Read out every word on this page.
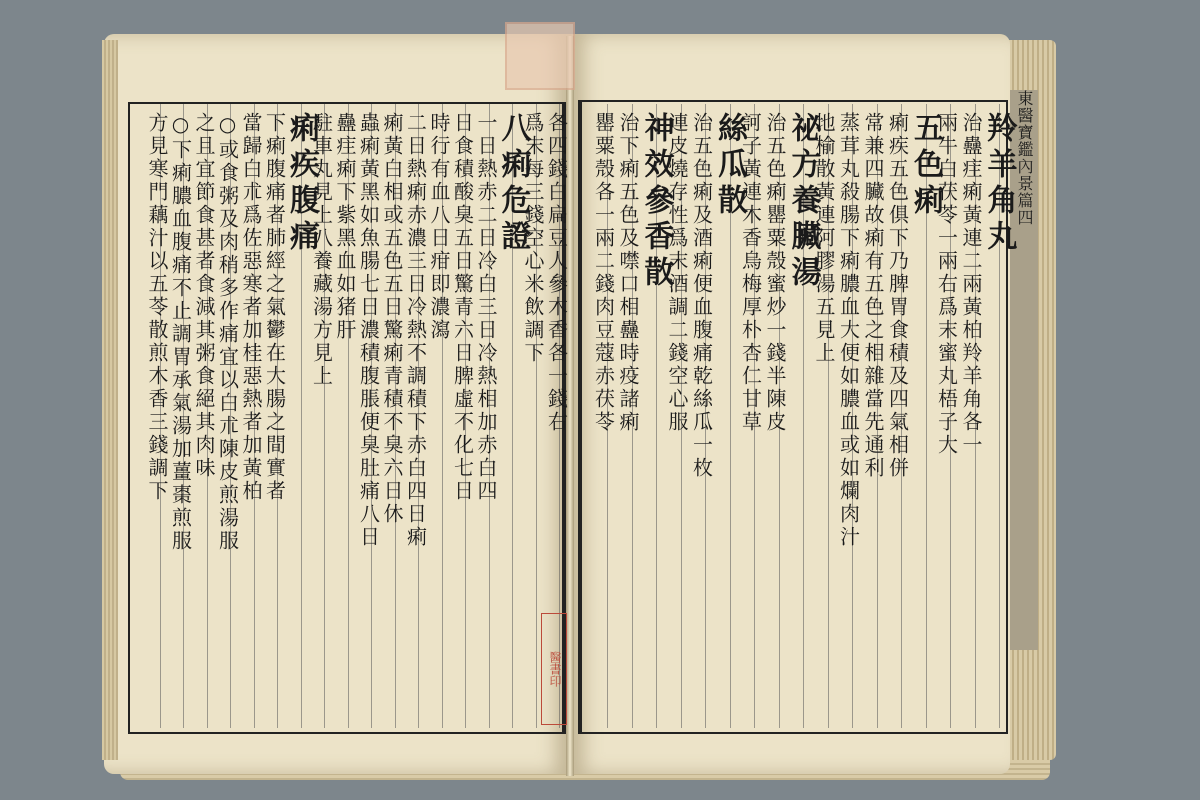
東醫寶鑑內景篇四
各四錢白扁豆人參木香各一錢右
爲末每三錢空心米飲調下
八痢危證
一日熱赤二日冷白三日冷熱相加赤白四
日食積酸臭五日驚青六日脾虛不化七日
時行有血八日疳即濃瀉
二日熱痢赤濃三日冷熱不調積下赤白四日痢
痢黃白相或五色五日驚痢青積不臭六日休
蟲痢黃黑如魚腸七日濃積腹脹便臭肚痛八日
蠱疰痢下紫黑血如猪肝
駐車丸見上八養藏湯方見上
痢疾腹痛
下痢腹痛者肺經之氣鬱在大腸之間實者
當歸白朮爲佐惡寒者加桂惡熱者加黃柏
○或食粥及肉稍多作痛宜以白朮陳皮煎湯服
之且宜節食甚者食減其粥食絕其肉味
○下痢膿血腹痛不止調胃承氣湯加薑棗煎服
方見寒門藕汁以五苓散煎木香三錢調下	羚羊角丸
治蠱疰痢黃連二兩黃柏羚羊角各一
兩牛白茯苓一兩右爲末蜜丸梧子大
五色痢
痢疾五色俱下乃脾胃食積及四氣相併
常兼四臟故痢有五色之相雜當先通利
蒸茸丸殺腸下痢膿血大便如膿血或如爛肉汁
地榆散黃連阿膠湯五見上
祕方養臟湯
治五色痢罌粟殼蜜炒一錢半陳皮
訶子黃連木香烏梅厚朴杏仁甘草
絲瓜散
治五色痢及酒痢便血腹痛乾絲瓜一枚
連皮燒存性爲末酒調二錢空心服
神效參香散
治下痢五色及噤口相蠱時疫諸痢
罌粟殼各一兩二錢肉豆蔻赤茯苓
醫書印
